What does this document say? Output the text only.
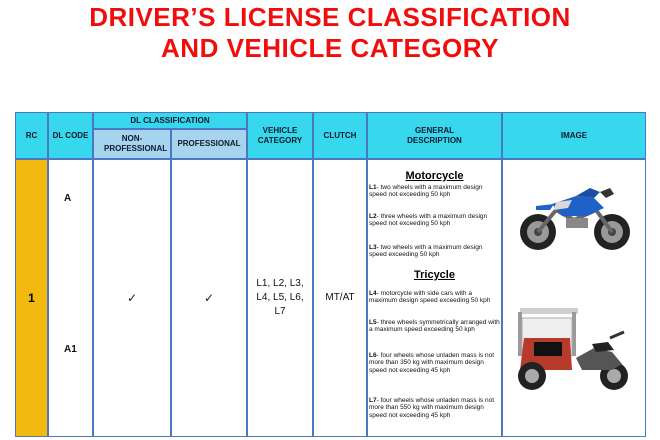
DRIVER’S LICENSE CLASSIFICATION
AND VEHICLE CATEGORY
RC	DL CODE
DL CLASSIFICATION
NON-PROFESSIONAL
PROFESSIONAL
VEHICLE CATEGORY
CLUTCH
GENERAL DESCRIPTION
IMAGE
1
A
A1
✓	✓
L1, L2, L3, L4, L5, L6, L7
MT/AT
Motorcycle
L1- two wheels with a maximum design speed not exceeding 50 kph
L2- three wheels with a maximum design speed not exceeding 50 kph
L3- two wheels with a maximum design speed exceeding 50 kph
Tricycle
L4- motorcycle with side cars with a maximum design speed exceeding 50 kph
L5- three wheels symmetrically arranged with a maximum speed exceeding 50 kph
L6- four wheels whose unladen mass is not more than 350 kg with maximum design speed not exceeding 45 kph
L7- four wheels whose unladen mass is not more than 550 kg with maximum design speed not exceeding 45 kph
